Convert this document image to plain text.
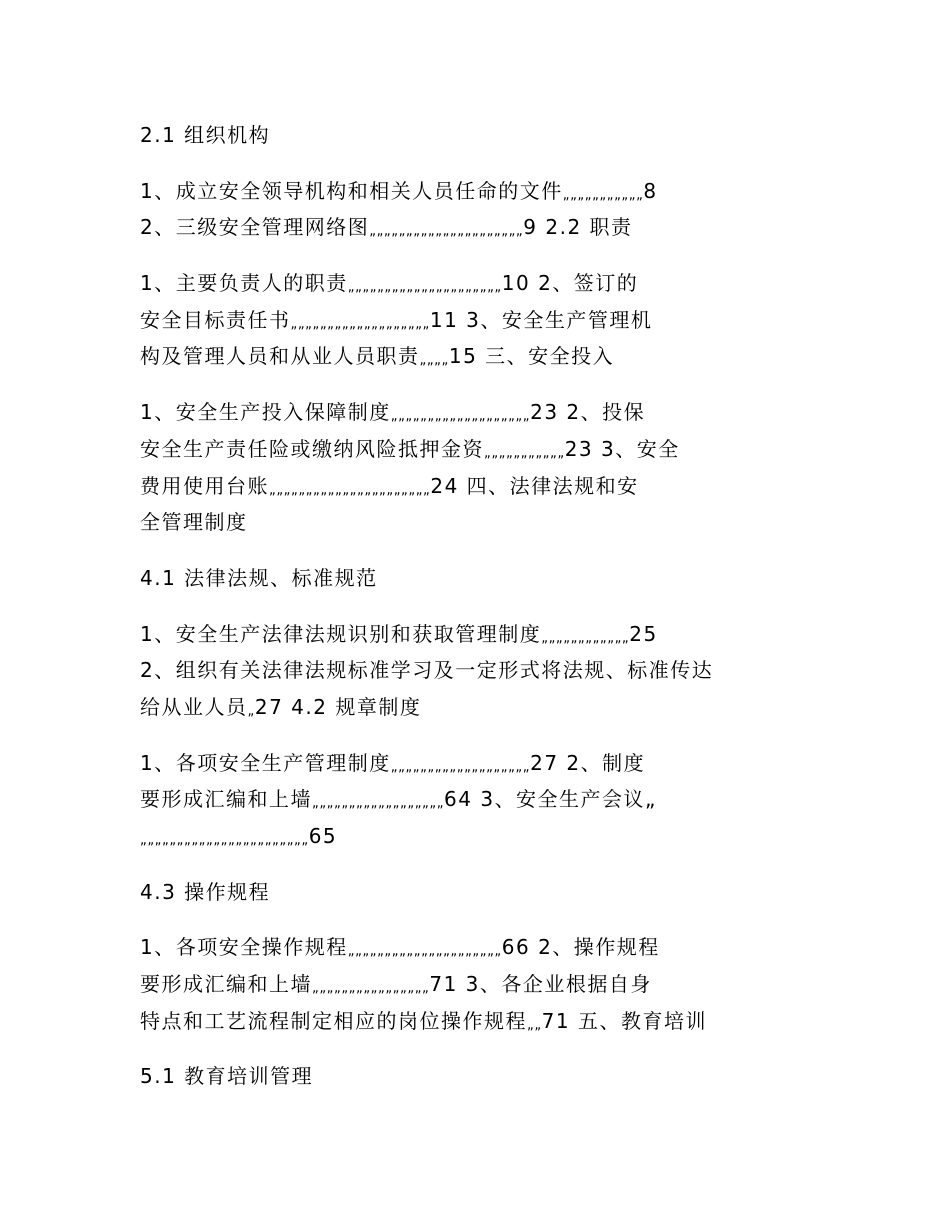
2.1 组织机构
1、成立安全领导机构和相关人员任命的文件„„„„„„„„„„„8
2、三级安全管理网络图„„„„„„„„„„„„„„„„„„„„„9 2.2 职责
1、主要负责人的职责„„„„„„„„„„„„„„„„„„„„„10 2、签订的
安全目标责任书„„„„„„„„„„„„„„„„„„„11 3、安全生产管理机
构及管理人员和从业人员职责„„„„15 三、安全投入
1、安全生产投入保障制度„„„„„„„„„„„„„„„„„„„23 2、投保
安全生产责任险或缴纳风险抵押金资„„„„„„„„„„„23 3、安全
费用使用台账„„„„„„„„„„„„„„„„„„„„„„24 四、法律法规和安
全管理制度
4.1 法律法规、标准规范
1、安全生产法律法规识别和获取管理制度„„„„„„„„„„„„25
2、组织有关法律法规标准学习及一定形式将法规、标准传达
给从业人员„27 4.2 规章制度
1、各项安全生产管理制度„„„„„„„„„„„„„„„„„„„27 2、制度
要形成汇编和上墙„„„„„„„„„„„„„„„„„„64 3、安全生产会议„
„„„„„„„„„„„„„„„„„„„„„„„65
4.3 操作规程
1、各项安全操作规程„„„„„„„„„„„„„„„„„„„„„66 2、操作规程
要形成汇编和上墙„„„„„„„„„„„„„„„„71 3、各企业根据自身
特点和工艺流程制定相应的岗位操作规程„„71 五、教育培训
5.1 教育培训管理
